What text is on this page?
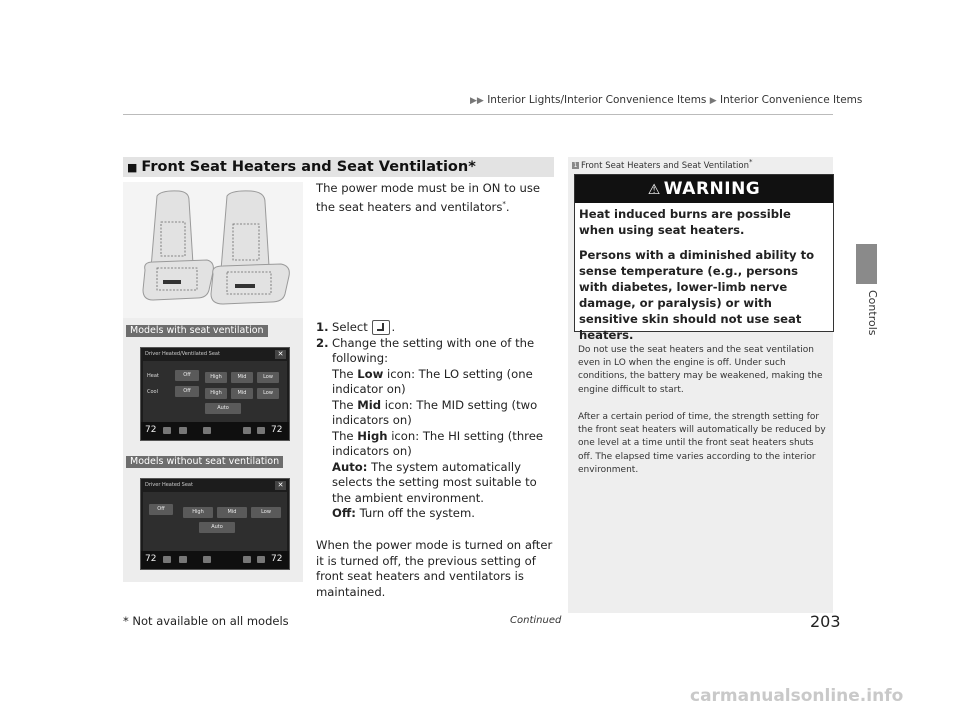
▶▶ Interior Lights/Interior Convenience Items ▶ Interior Convenience Items
Controls
■ Front Seat Heaters and Seat Ventilation*
Models with seat ventilation
Driver Heated/Ventilated Seat	✕
Heat
Cool
Off	High	Mid	Low
Off	High	Mid	Low
Auto
72	72
Models without seat ventilation
Driver Heated Seat	✕
Off	High	Mid	Low
Auto
72	72
The power mode must be in ON to use the seat heaters and ventilators*.
1. Select .
2. Change the setting with one of the following:
The Low icon: The LO setting (one indicator on)
The Mid icon: The MID setting (two indicators on)
The High icon: The HI setting (three indicators on)
Auto: The system automatically selects the setting most suitable to the ambient environment.
Off: Turn off the system.
When the power mode is turned on after it is turned off, the previous setting of front seat heaters and ventilators is maintained.
1 Front Seat Heaters and Seat Ventilation*
⚠ WARNING
Heat induced burns are possible when using seat heaters.
Persons with a diminished ability to sense temperature (e.g., persons with diabetes, lower-limb nerve damage, or paralysis) or with sensitive skin should not use seat heaters.
Do not use the seat heaters and the seat ventilation even in LO when the engine is off. Under such conditions, the battery may be weakened, making the engine difficult to start.
After a certain period of time, the strength setting for the front seat heaters will automatically be reduced by one level at a time until the front seat heaters shuts off. The elapsed time varies according to the interior environment.
* Not available on all models	Continued	203
carmanualsonline.info
